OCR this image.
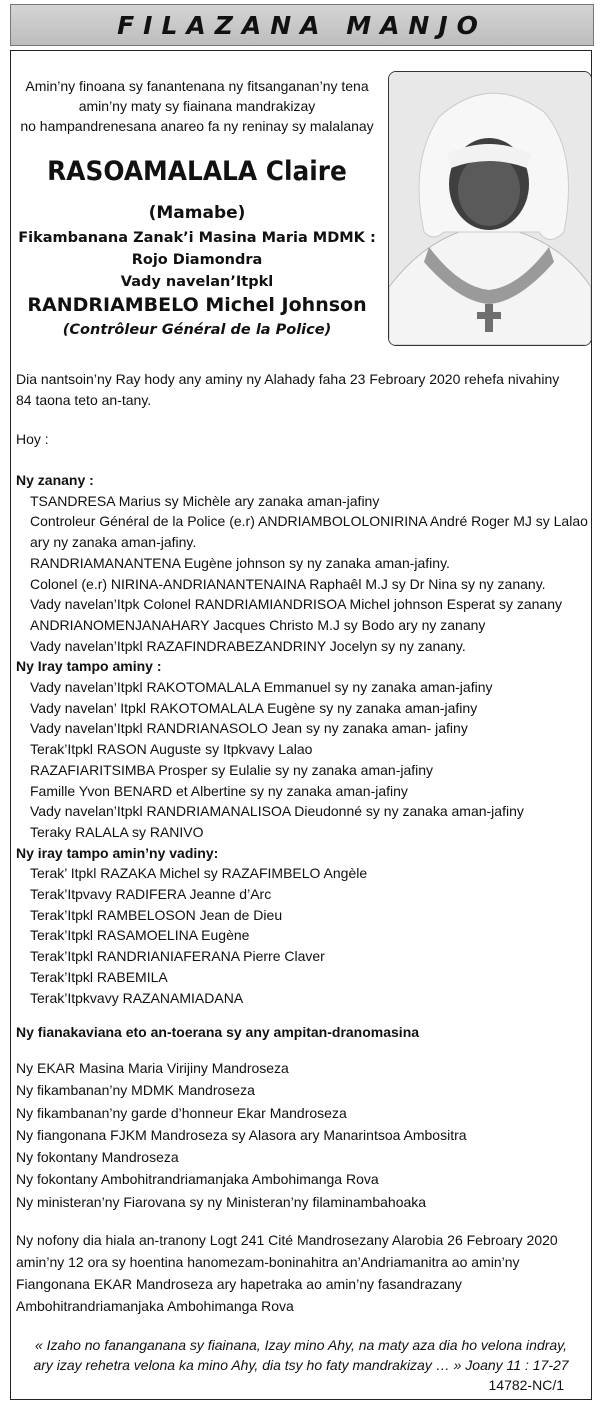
FILAZANA MANJO
Amin’ny finoana sy fanantenana ny fitsanganan’ny tena
amin’ny maty sy fiainana mandrakizay
no hampandrenesana anareo fa ny reninay sy malalanay
RASOAMALALA Claire
(Mamabe)
Fikambanana Zanak’i Masina Maria MDMK :
Rojo Diamondra
Vady navelan’Itpkl
RANDRIAMBELO Michel Johnson
(Contrôleur Général de la Police)
Dia nantsoin’ny Ray hody any aminy ny Alahady faha 23 Febroary 2020 rehefa nivahiny
84 taona teto an-tany.
Hoy :
Ny zanany :
TSANDRESA Marius sy Michèle ary zanaka aman-jafiny
Controleur Général de la Police (e.r) ANDRIAMBOLOLONIRINA André Roger MJ sy Lalao
ary ny zanaka aman-jafiny.
RANDRIAMANANTENA Eugène johnson sy ny zanaka aman-jafiny.
Colonel (e.r) NIRINA-ANDRIANANTENAINA Raphaêl M.J sy Dr Nina sy ny zanany.
Vady navelan’Itpk Colonel RANDRIAMIANDRISOA Michel johnson Esperat sy zanany
ANDRIANOMENJANAHARY Jacques Christo M.J sy Bodo ary ny zanany
Vady navelan’Itpkl RAZAFINDRABEZANDRINY Jocelyn sy ny zanany.
Ny Iray tampo aminy :
Vady navelan’Itpkl RAKOTOMALALA Emmanuel sy ny zanaka aman-jafiny
Vady navelan’ Itpkl RAKOTOMALALA Eugène sy ny zanaka aman-jafiny
Vady navelan’Itpkl RANDRIANASOLO Jean sy ny zanaka aman- jafiny
Terak’Itpkl RASON Auguste sy Itpkvavy Lalao
RAZAFIARITSIMBA Prosper sy Eulalie sy ny zanaka aman-jafiny
Famille Yvon BENARD et Albertine sy ny zanaka aman-jafiny
Vady navelan’Itpkl RANDRIAMANALISOA Dieudonné sy ny zanaka aman-jafiny
Teraky RALALA sy RANIVO
Ny iray tampo amin’ny vadiny:
Terak’ Itpkl RAZAKA Michel sy RAZAFIMBELO Angèle
Terak’Itpvavy RADIFERA Jeanne d’Arc
Terak’Itpkl RAMBELOSON Jean de Dieu
Terak’Itpkl RASAMOELINA Eugène
Terak’Itpkl RANDRIANIAFERANA Pierre Claver
Terak’Itpkl RABEMILA
Terak’Itpkvavy RAZANAMIADANA
Ny fianakaviana eto an-toerana sy any ampitan-dranomasina
Ny EKAR Masina Maria Virijiny Mandroseza
Ny fikambanan’ny MDMK Mandroseza
Ny fikambanan’ny garde d’honneur Ekar Mandroseza
Ny fiangonana FJKM Mandroseza sy Alasora ary Manarintsoa Ambositra
Ny fokontany Mandroseza
Ny fokontany Ambohitrandriamanjaka Ambohimanga Rova
Ny ministeran’ny Fiarovana sy ny Ministeran’ny filaminambahoaka
Ny nofony dia hiala an-tranony Logt 241 Cité Mandrosezany Alarobia 26 Febroary 2020
amin’ny 12 ora sy hoentina hanomezam-boninahitra an’Andriamanitra ao amin’ny
Fiangonana EKAR Mandroseza ary hapetraka ao amin’ny fasandrazany
Ambohitrandriamanjaka Ambohimanga Rova
« Izaho no fananganana sy fiainana, Izay mino Ahy, na maty aza dia ho velona indray,
ary izay rehetra velona ka mino Ahy, dia tsy ho faty mandrakizay … » Joany 11 : 17-27
14782-NC/1
